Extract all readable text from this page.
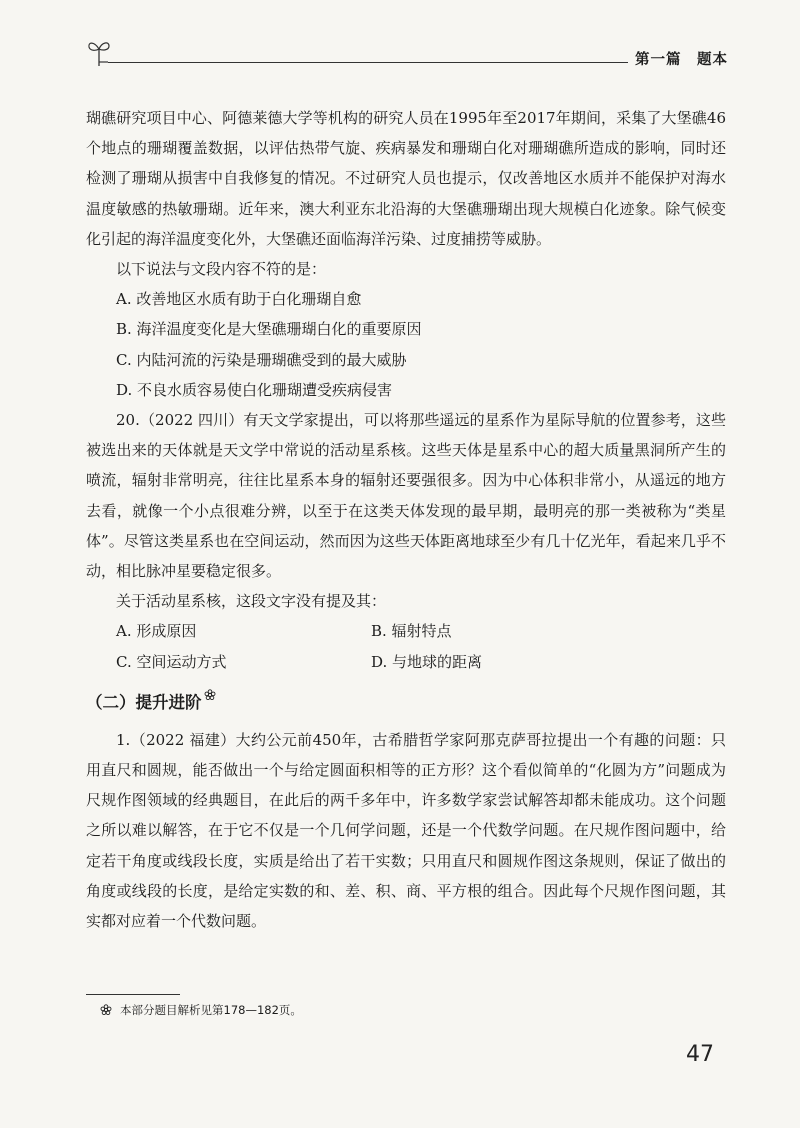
第一篇　题本

瑚礁研究项目中心、阿德莱德大学等机构的研究人员在1995年至2017年期间，采集了大堡礁46个地点的珊瑚覆盖数据，以评估热带气旋、疾病暴发和珊瑚白化对珊瑚礁所造成的影响，同时还检测了珊瑚从损害中自我修复的情况。不过研究人员也提示，仅改善地区水质并不能保护对海水温度敏感的热敏珊瑚。近年来，澳大利亚东北沿海的大堡礁珊瑚出现大规模白化迹象。除气候变化引起的海洋温度变化外，大堡礁还面临海洋污染、过度捕捞等威胁。

以下说法与文段内容不符的是：

A. 改善地区水质有助于白化珊瑚自愈

B. 海洋温度变化是大堡礁珊瑚白化的重要原因

C. 内陆河流的污染是珊瑚礁受到的最大威胁

D. 不良水质容易使白化珊瑚遭受疾病侵害

20.（2022 四川）有天文学家提出，可以将那些遥远的星系作为星际导航的位置参考，这些被选出来的天体就是天文学中常说的活动星系核。这些天体是星系中心的超大质量黑洞所产生的喷流，辐射非常明亮，往往比星系本身的辐射还要强很多。因为中心体积非常小，从遥远的地方去看，就像一个小点很难分辨，以至于在这类天体发现的最早期，最明亮的那一类被称为“类星体”。尽管这类星系也在空间运动，然而因为这些天体距离地球至少有几十亿光年，看起来几乎不动，相比脉冲星要稳定很多。

关于活动星系核，这段文字没有提及其：

A. 形成原因	B. 辐射特点
C. 空间运动方式	D. 与地球的距离

（二）提升进阶

1.（2022 福建）大约公元前450年，古希腊哲学家阿那克萨哥拉提出一个有趣的问题：只用直尺和圆规，能否做出一个与给定圆面积相等的正方形？这个看似简单的“化圆为方”问题成为尺规作图领域的经典题目，在此后的两千多年中，许多数学家尝试解答却都未能成功。这个问题之所以难以解答，在于它不仅是一个几何学问题，还是一个代数学问题。在尺规作图问题中，给定若干角度或线段长度，实质是给出了若干实数；只用直尺和圆规作图这条规则，保证了做出的角度或线段的长度，是给定实数的和、差、积、商、平方根的组合。因此每个尺规作图问题，其实都对应着一个代数问题。

本部分题目解析见第178—182页。
47
